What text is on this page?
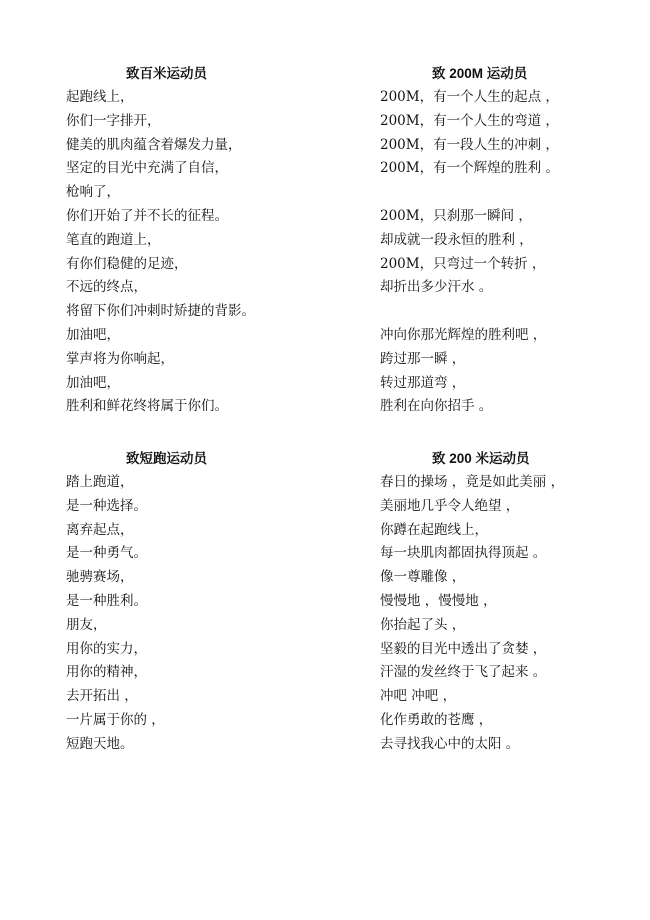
致百米运动员
起跑线上，
你们一字排开，
健美的肌肉蕴含着爆发力量，
坚定的目光中充满了自信，
枪响了，
你们开始了并不长的征程。
笔直的跑道上，
有你们稳健的足迹，
不远的终点，
将留下你们冲刺时矫捷的背影。
加油吧，
掌声将为你响起，
加油吧，
胜利和鲜花终将属于你们。
致 200M 运动员
200M，有一个人生的起点 ，
200M，有一个人生的弯道 ，
200M，有一段人生的冲刺 ，
200M，有一个辉煌的胜利 。
200M，只刹那一瞬间 ，
却成就一段永恒的胜利 ，
200M，只弯过一个转折 ，
却折出多少汗水 。
冲向你那光辉煌的胜利吧 ，
跨过那一瞬 ，
转过那道弯 ，
胜利在向你招手 。
致短跑运动员
踏上跑道，
是一种选择。
离弃起点，
是一种勇气。
驰骋赛场，
是一种胜利。
朋友，
用你的实力，
用你的精神，
去开拓出 ，
一片属于你的 ，
短跑天地。
致 200 米运动员
春日的操场 ，竟是如此美丽 ，
美丽地几乎令人绝望 ，
你蹲在起跑线上，
每一块肌肉都固执得顶起 。
像一尊雕像 ，
慢慢地 ，慢慢地 ，
你抬起了头 ，
坚毅的目光中透出了贪婪 ，
汗湿的发丝终于飞了起来 。
冲吧 冲吧 ，
化作勇敢的苍鹰 ，
去寻找我心中的太阳 。
